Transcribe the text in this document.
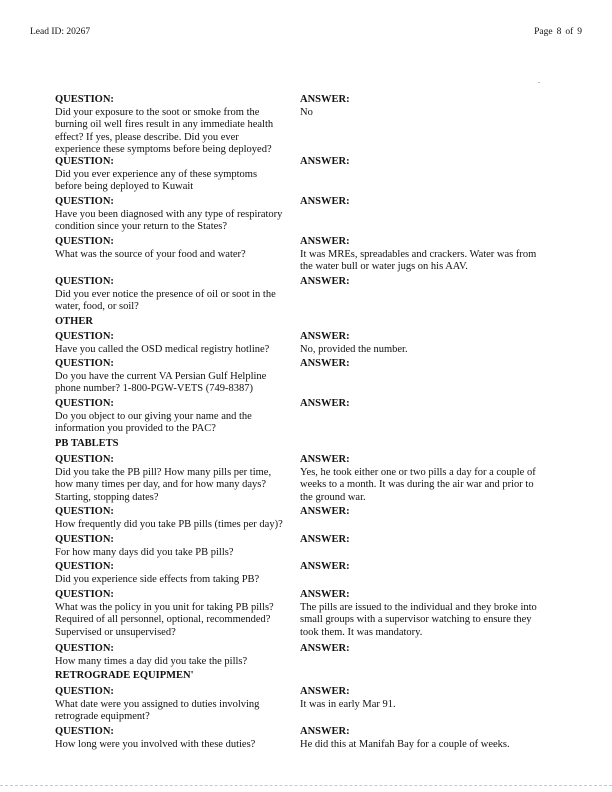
Lead ID: 20267	Page 8 of 9
QUESTION:
Did your exposure to the soot or smoke from the burning oil well fires result in any immediate health effect? If yes, please describe. Did you ever experience these symptoms before being deployed?
ANSWER:
No
QUESTION:
Did you ever experience any of these symptoms before being deployed to Kuwait
ANSWER:
QUESTION:
Have you been diagnosed with any type of respiratory condition since your return to the States?
ANSWER:
QUESTION:
What was the source of your food and water?
ANSWER:
It was MREs, spreadables and crackers. Water was from the water bull or water jugs on his AAV.
QUESTION:
Did you ever notice the presence of oil or soot in the water, food, or soil?
ANSWER:
OTHER
QUESTION:
Have you called the OSD medical registry hotline?
ANSWER:
No, provided the number.
QUESTION:
Do you have the current VA Persian Gulf Helpline phone number? 1-800-PGW-VETS (749-8387)
ANSWER:
QUESTION:
Do you object to our giving your name and the information you provided to the PAC?
ANSWER:
PB TABLETS
QUESTION:
Did you take the PB pill? How many pills per time, how many times per day, and for how many days? Starting, stopping dates?
ANSWER:
Yes, he took either one or two pills a day for a couple of weeks to a month. It was during the air war and prior to the ground war.
QUESTION:
How frequently did you take PB pills (times per day)?
ANSWER:
QUESTION:
For how many days did you take PB pills?
ANSWER:
QUESTION:
Did you experience side effects from taking PB?
ANSWER:
QUESTION:
What was the policy in you unit for taking PB pills? Required of all personnel, optional, recommended? Supervised or unsupervised?
ANSWER:
The pills are issued to the individual and they broke into small groups with a supervisor watching to ensure they took them. It was mandatory.
QUESTION:
How many times a day did you take the pills?
ANSWER:
RETROGRADE EQUIPMEN'
QUESTION:
What date were you assigned to duties involving retrograde equipment?
ANSWER:
It was in early Mar 91.
QUESTION:
How long were you involved with these duties?
ANSWER:
He did this at Manifah Bay for a couple of weeks.
